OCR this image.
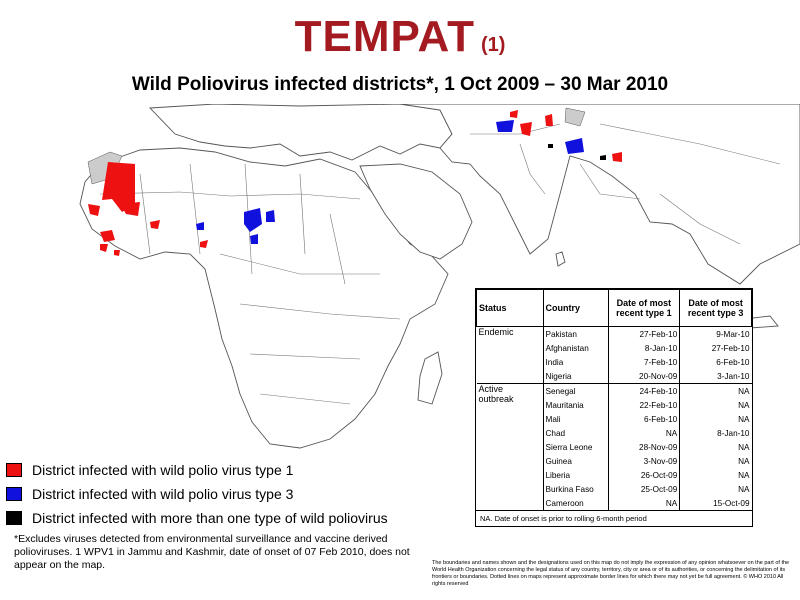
TEMPAT (1)
Wild Poliovirus infected districts*, 1 Oct 2009 – 30 Mar 2010
District infected with wild polio virus type 1
District infected with wild polio virus type 3
District infected with more than one type of wild poliovirus
*Excludes viruses detected from environmental surveillance and vaccine derived polioviruses. 1 WPV1 in Jammu and Kashmir, date of onset of 07 Feb 2010, does not appear on the map.
Status	Country	Date of most recent type 1	Date of most recent type 3
Endemic	Pakistan	27-Feb-10	9-Mar-10
	Afghanistan	8-Jan-10	27-Feb-10
	India	7-Feb-10	6-Feb-10
	Nigeria	20-Nov-09	3-Jan-10
Active outbreak	Senegal	24-Feb-10	NA
	Mauritania	22-Feb-10	NA
	Mali	6-Feb-10	NA
	Chad	NA	8-Jan-10
	Sierra Leone	28-Nov-09	NA
	Guinea	3-Nov-09	NA
	Liberia	26-Oct-09	NA
	Burkina Faso	25-Oct-09	NA
	Cameroon	NA	15-Oct-09
NA. Date of onset is prior to rolling 6-month period
The boundaries and names shown and the designations used on this map do not imply the expression of any opinion whatsoever on the part of the World Health Organization concerning the legal status of any country, territory, city or area or of its authorities, or concerning the delimitation of its frontiers or boundaries. Dotted lines on maps represent approximate border lines for which there may not yet be full agreement. © WHO 2010 All rights reserved
